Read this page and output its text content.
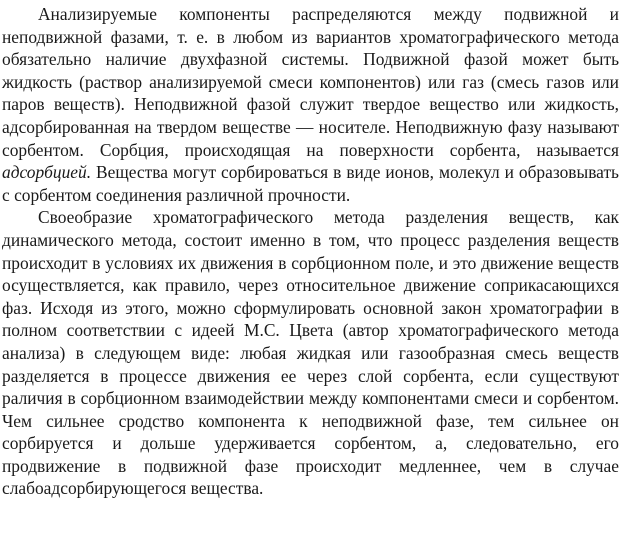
Анализируемые компоненты распределяются между подвижной и неподвижной фазами, т. е. в любом из вариантов хроматографического метода обязательно наличие двухфазной системы. Подвижной фазой может быть жидкость (раствор анализируемой смеси компонентов) или газ (смесь газов или паров веществ). Неподвижной фазой служит твердое вещество или жидкость, адсорбированная на твердом веществе — носителе. Неподвижную фазу называют сорбентом. Сорбция, происходящая на поверхности сорбента, называется адсорбцией. Вещества могут сорбироваться в виде ионов, молекул и образовывать с сорбентом соединения различной прочности.

Своеобразие хроматографического метода разделения веществ, как динамического метода, состоит именно в том, что процесс разделения веществ происходит в условиях их движения в сорбционном поле, и это движение веществ осуществляется, как правило, через относительное движение соприкасающихся фаз. Исходя из этого, можно сформулировать основной закон хроматографии в полном соответствии с идеей М.С. Цвета (автор хроматографического метода анализа) в следующем виде: любая жидкая или газообразная смесь веществ разделяется в процессе движения ее через слой сорбента, если существуют раличия в сорбционном взаимодействии между компонентами смеси и сорбентом. Чем сильнее сродство компонента к неподвижной фазе, тем сильнее он сорбируется и дольше удерживается сорбентом, а, следовательно, его продвижение в подвижной фазе происходит медленнее, чем в случае слабоадсорбирующегося вещества.
